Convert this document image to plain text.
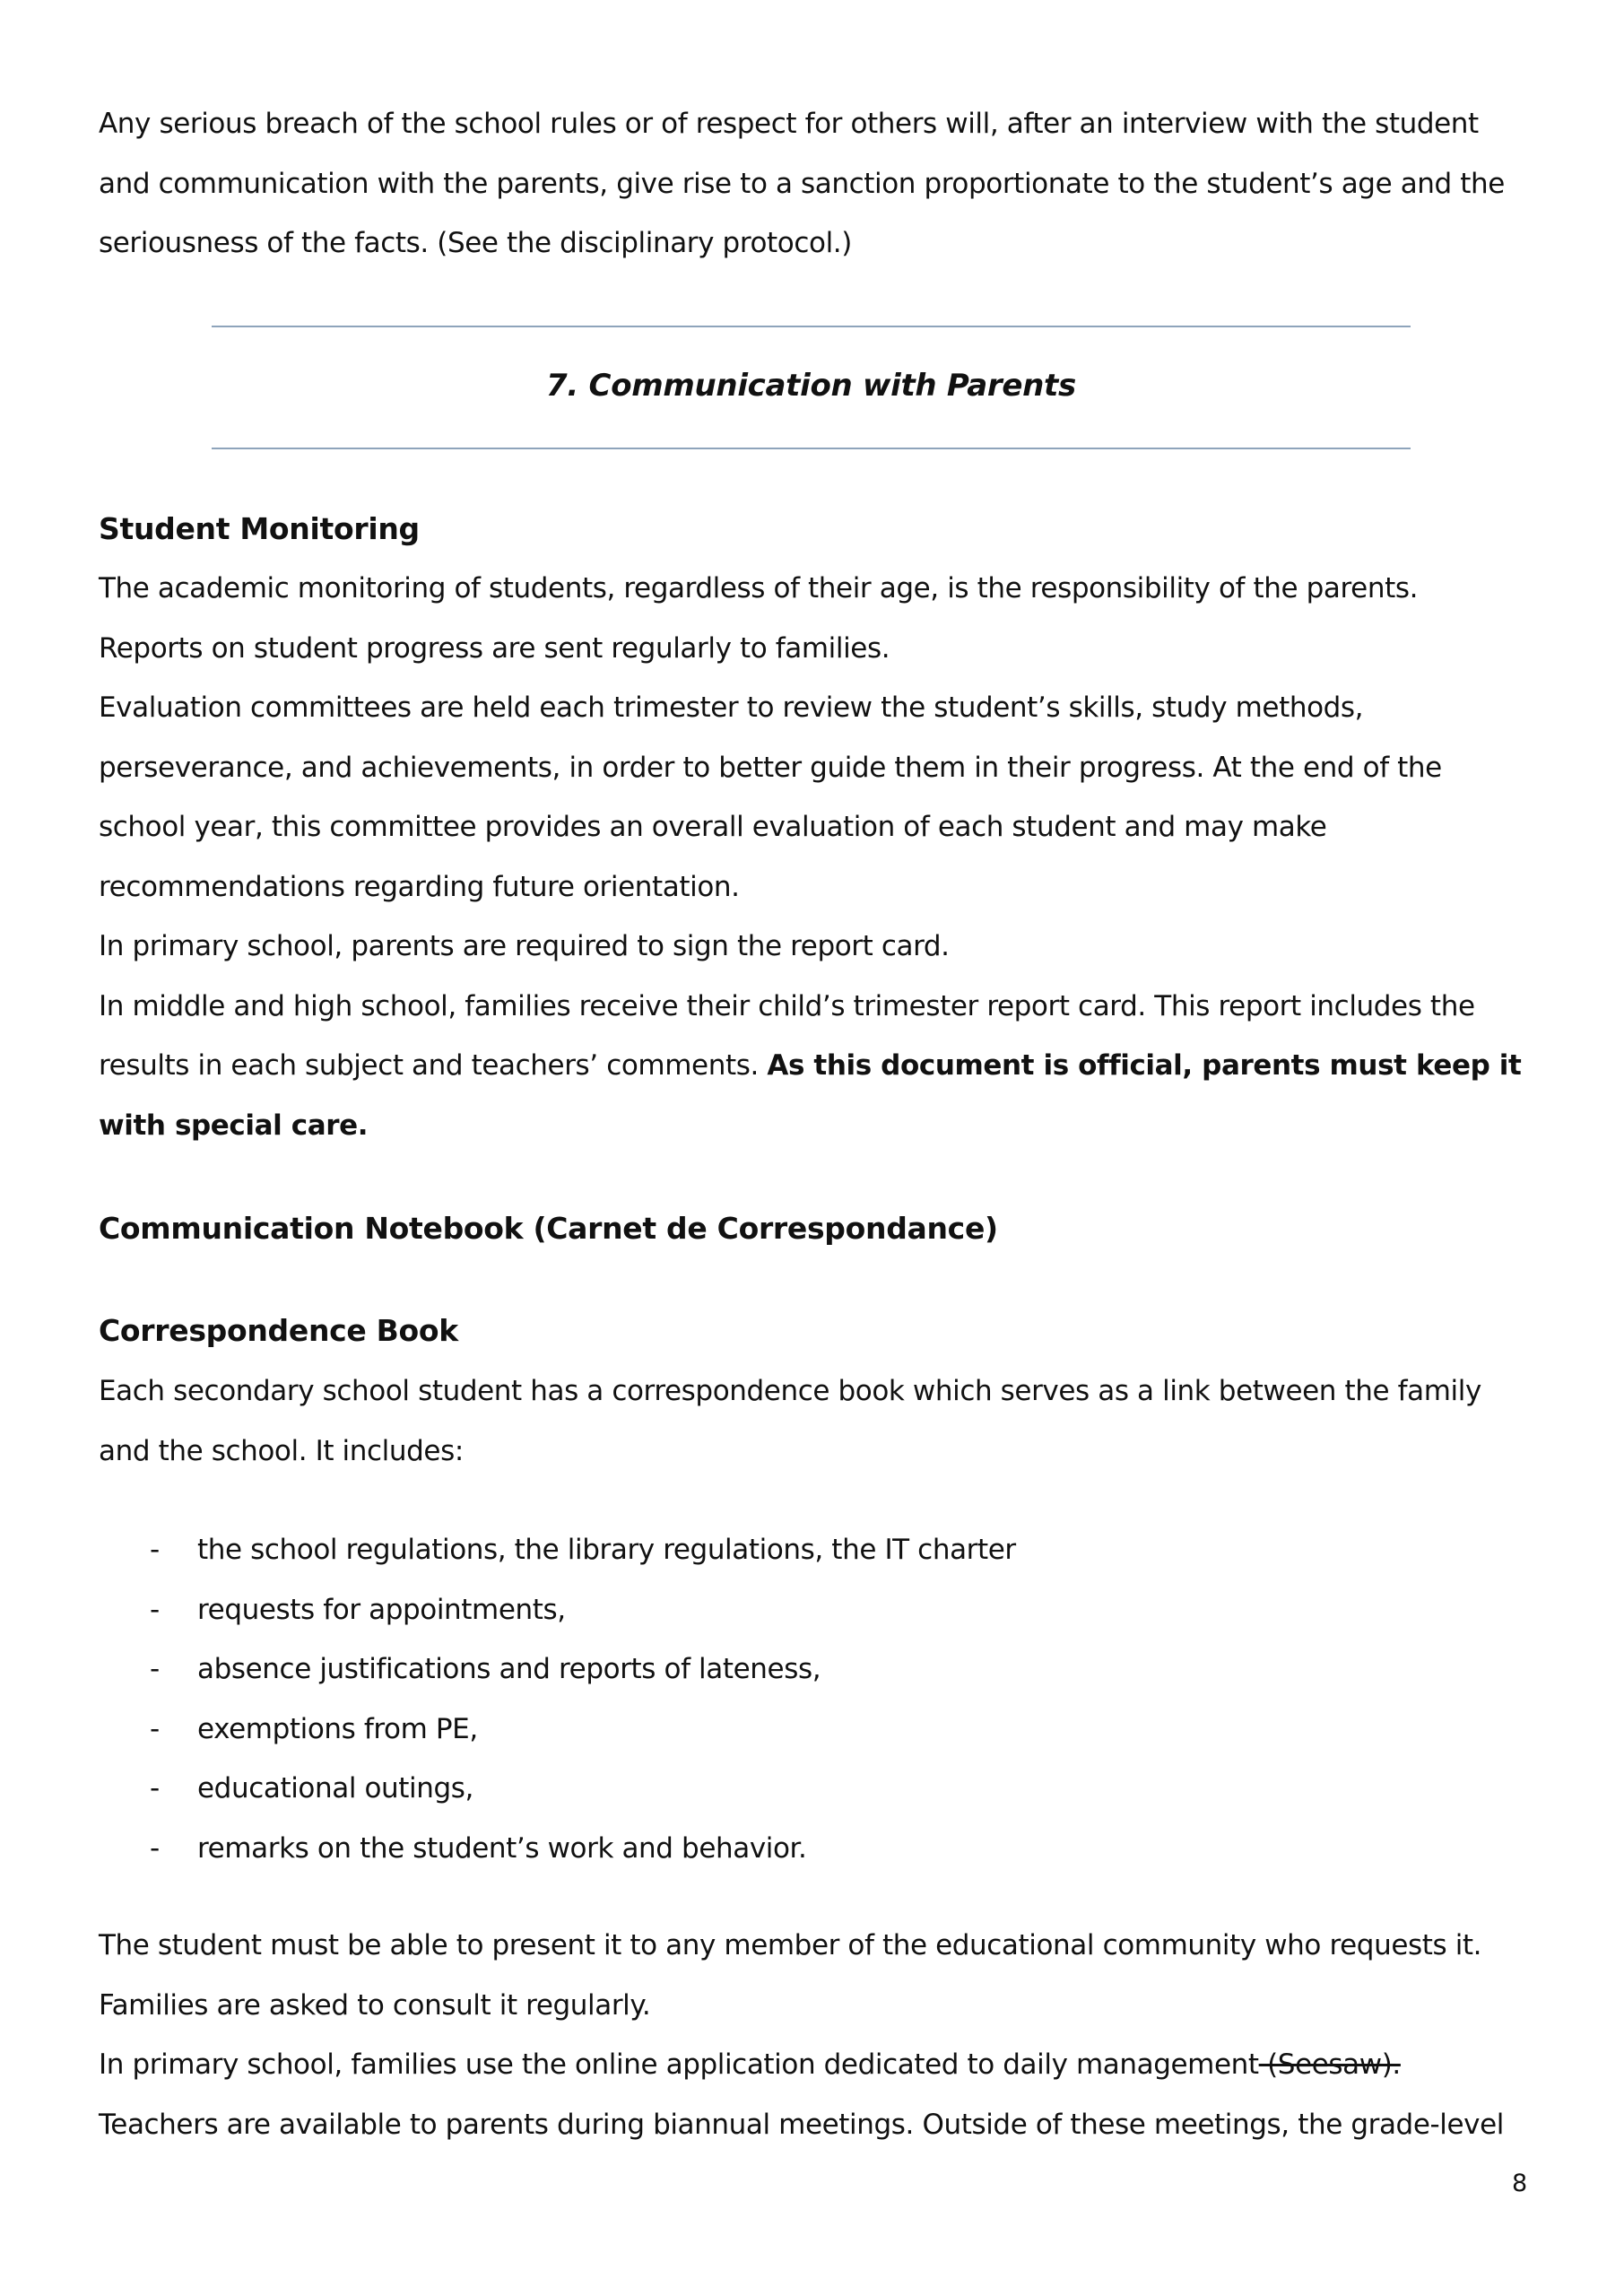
Any serious breach of the school rules or of respect for others will, after an interview with the student
and communication with the parents, give rise to a sanction proportionate to the student’s age and the
seriousness of the facts. (See the disciplinary protocol.)
7. Communication with Parents
Student Monitoring
The academic monitoring of students, regardless of their age, is the responsibility of the parents.
Reports on student progress are sent regularly to families.
Evaluation committees are held each trimester to review the student’s skills, study methods,
perseverance, and achievements, in order to better guide them in their progress. At the end of the
school year, this committee provides an overall evaluation of each student and may make
recommendations regarding future orientation.
In primary school, parents are required to sign the report card.
In middle and high school, families receive their child’s trimester report card. This report includes the
results in each subject and teachers’ comments. As this document is official, parents must keep it
with special care.
Communication Notebook (Carnet de Correspondance)
Correspondence Book
Each secondary school student has a correspondence book which serves as a link between the family
and the school. It includes:
- the school regulations, the library regulations, the IT charter
- requests for appointments,
- absence justifications and reports of lateness,
- exemptions from PE,
- educational outings,
- remarks on the student’s work and behavior.
The student must be able to present it to any member of the educational community who requests it.
Families are asked to consult it regularly.
In primary school, families use the online application dedicated to daily management (Seesaw).
Teachers are available to parents during biannual meetings. Outside of these meetings, the grade-level
8
